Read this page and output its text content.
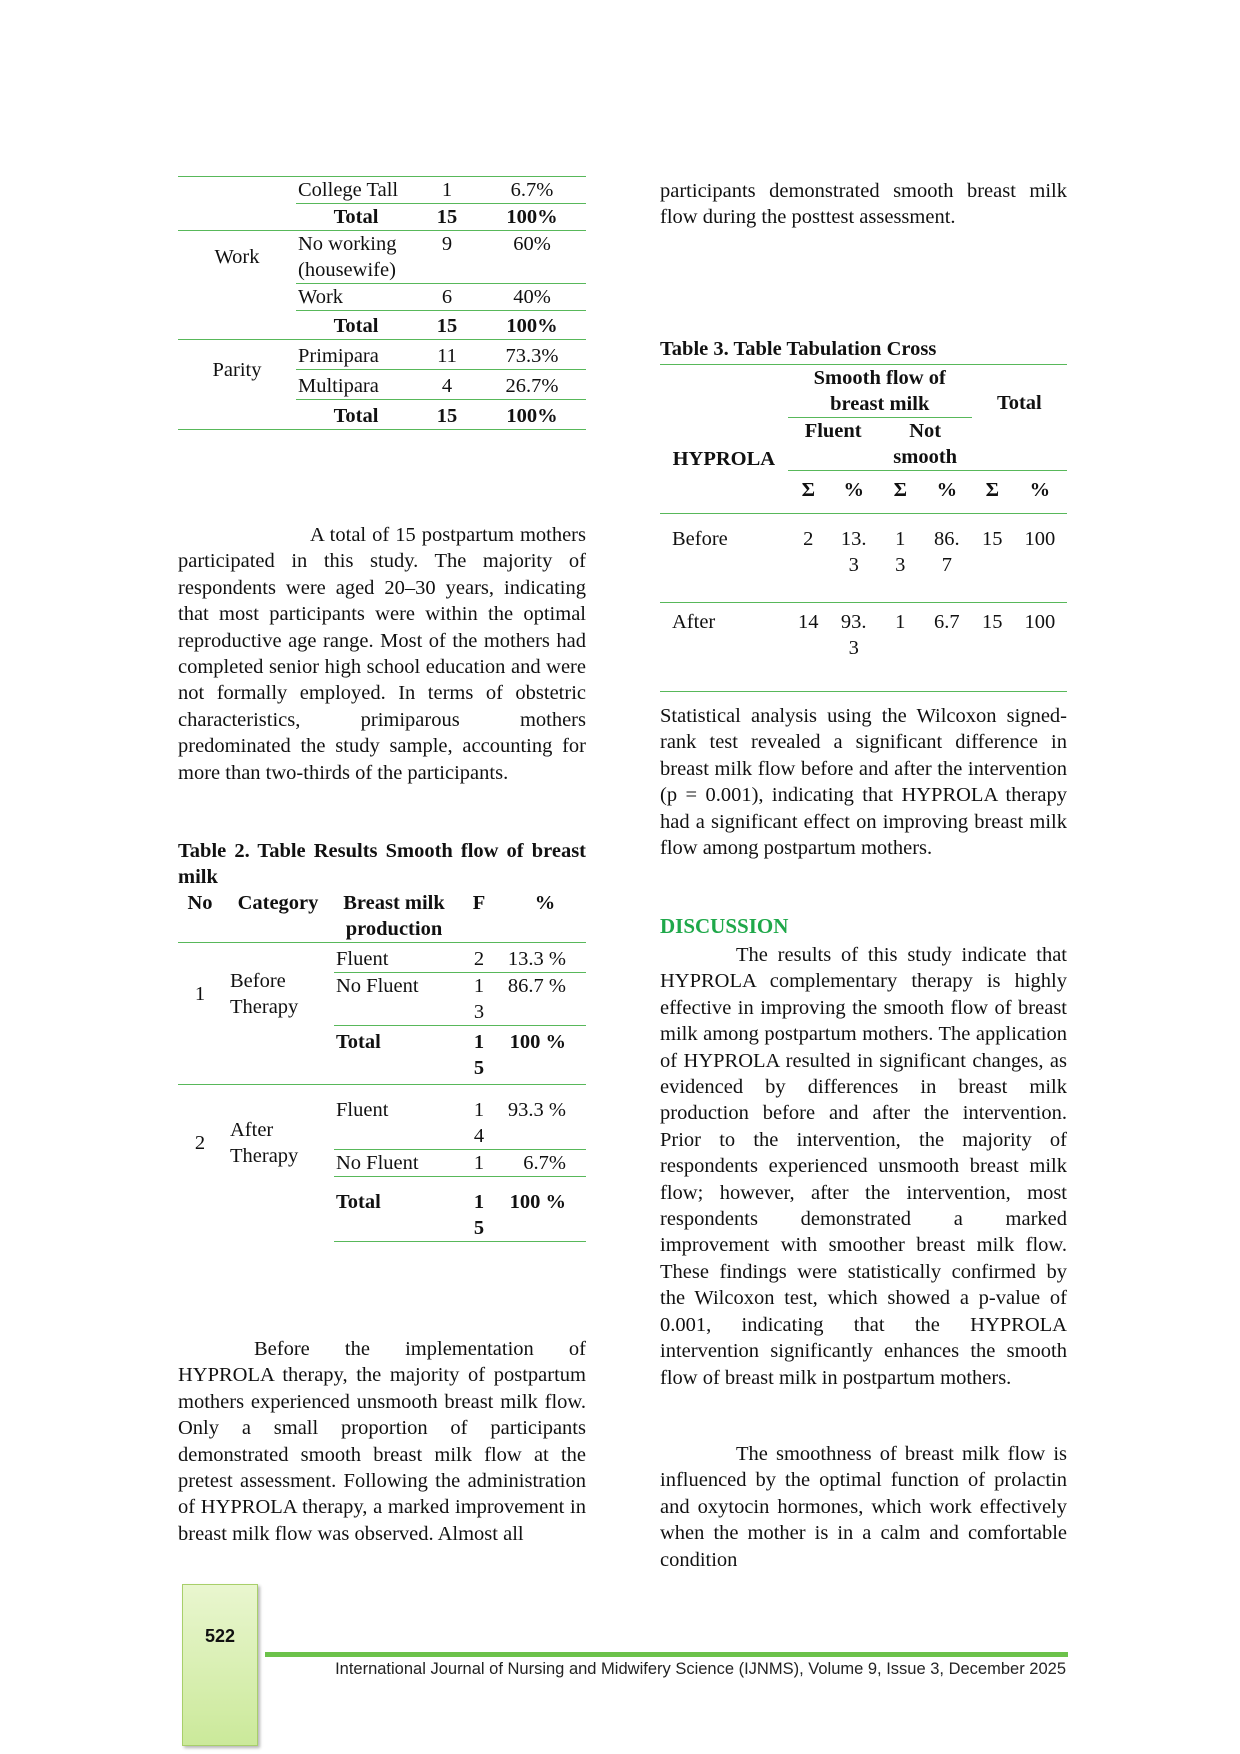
	College Tall	1	6.7%
	Total	15	100%
Work	No working (housewife)	9	60%
	Work	6	40%
	Total	15	100%
Parity	Primipara	11	73.3%
	Multipara	4	26.7%
	Total	15	100%

A total of 15 postpartum mothers participated in this study. The majority of respondents were aged 20–30 years, indicating that most participants were within the optimal reproductive age range. Most of the mothers had completed senior high school education and were not formally employed. In terms of obstetric characteristics, primiparous mothers predominated the study sample, accounting for more than two-thirds of the participants.

Table 2. Table Results Smooth flow of breast milk
No	Category	Breast milk production	F	%
1	Before Therapy	Fluent	2	13.3 %
		No Fluent	13	86.7 %
		Total	15	100 %
2	After Therapy	Fluent	14	93.3 %
		No Fluent	1	6.7%
		Total	15	100 %

Before the implementation of HYPROLA therapy, the majority of postpartum mothers experienced unsmooth breast milk flow. Only a small proportion of participants demonstrated smooth breast milk flow at the pretest assessment. Following the administration of HYPROLA therapy, a marked improvement in breast milk flow was observed. Almost all

participants demonstrated smooth breast milk flow during the posttest assessment.

Table 3. Table Tabulation Cross
HYPROLA	Smooth flow of breast milk				Total	
	Fluent		Not smooth			
	Σ	%	Σ	%	Σ	%
Before	2	13.3	13	86.7	15	100
After	14	93.3	1	6.7	15	100

Statistical analysis using the Wilcoxon signed-rank test revealed a significant difference in breast milk flow before and after the intervention (p = 0.001), indicating that HYPROLA therapy had a significant effect on improving breast milk flow among postpartum mothers.

DISCUSSION

The results of this study indicate that HYPROLA complementary therapy is highly effective in improving the smooth flow of breast milk among postpartum mothers. The application of HYPROLA resulted in significant changes, as evidenced by differences in breast milk production before and after the intervention. Prior to the intervention, the majority of respondents experienced unsmooth breast milk flow; however, after the intervention, most respondents demonstrated a marked improvement with smoother breast milk flow. These findings were statistically confirmed by the Wilcoxon test, which showed a p-value of 0.001, indicating that the HYPROLA intervention significantly enhances the smooth flow of breast milk in postpartum mothers.

The smoothness of breast milk flow is influenced by the optimal function of prolactin and oxytocin hormones, which work effectively when the mother is in a calm and comfortable condition

522
International Journal of Nursing and Midwifery Science (IJNMS), Volume 9, Issue 3, December 2025
